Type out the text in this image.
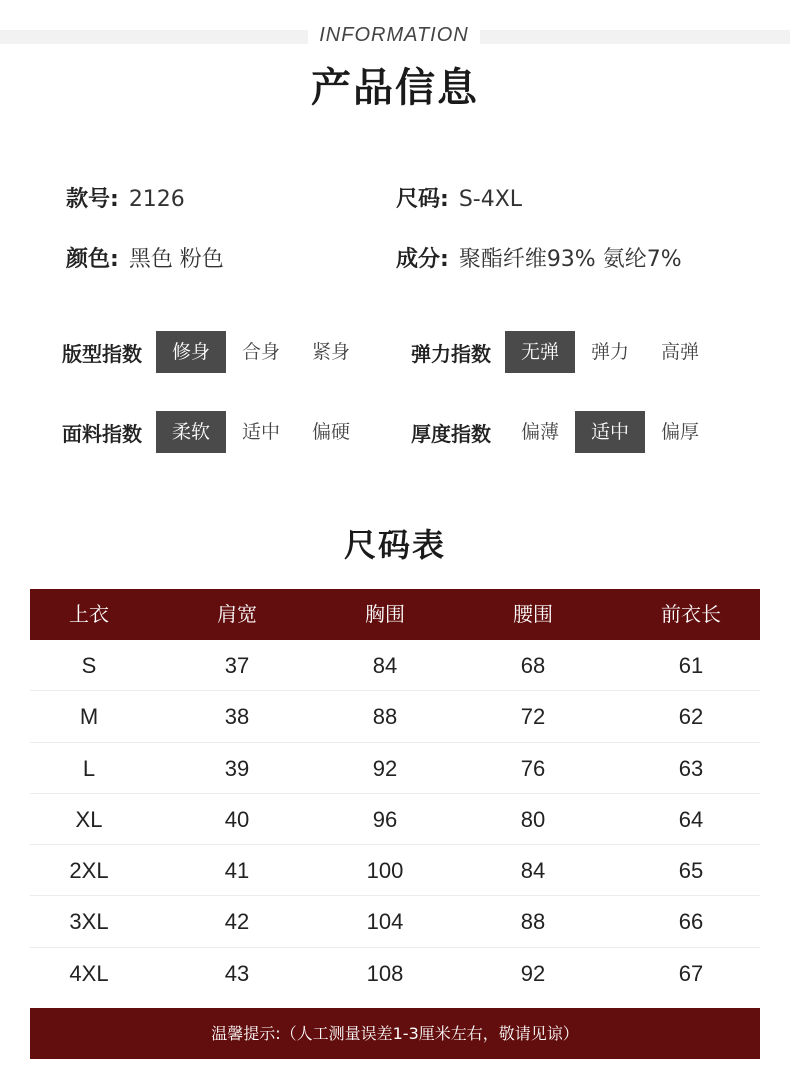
INFORMATION
产品信息
款号: 2126	尺码: S-4XL
颜色: 黑色 粉色	成分: 聚酯纤维93% 氨纶7%
版型指数	修身	合身	紧身	弹力指数	无弹	弹力	高弹
面料指数	柔软	适中	偏硬	厚度指数	偏薄	适中	偏厚
尺码表
上衣	肩宽	胸围	腰围	前衣长
S	37	84	68	61
M	38	88	72	62
L	39	92	76	63
XL	40	96	80	64
2XL	41	100	84	65
3XL	42	104	88	66
4XL	43	108	92	67
温馨提示:（人工测量误差1-3厘米左右，敬请见谅）
